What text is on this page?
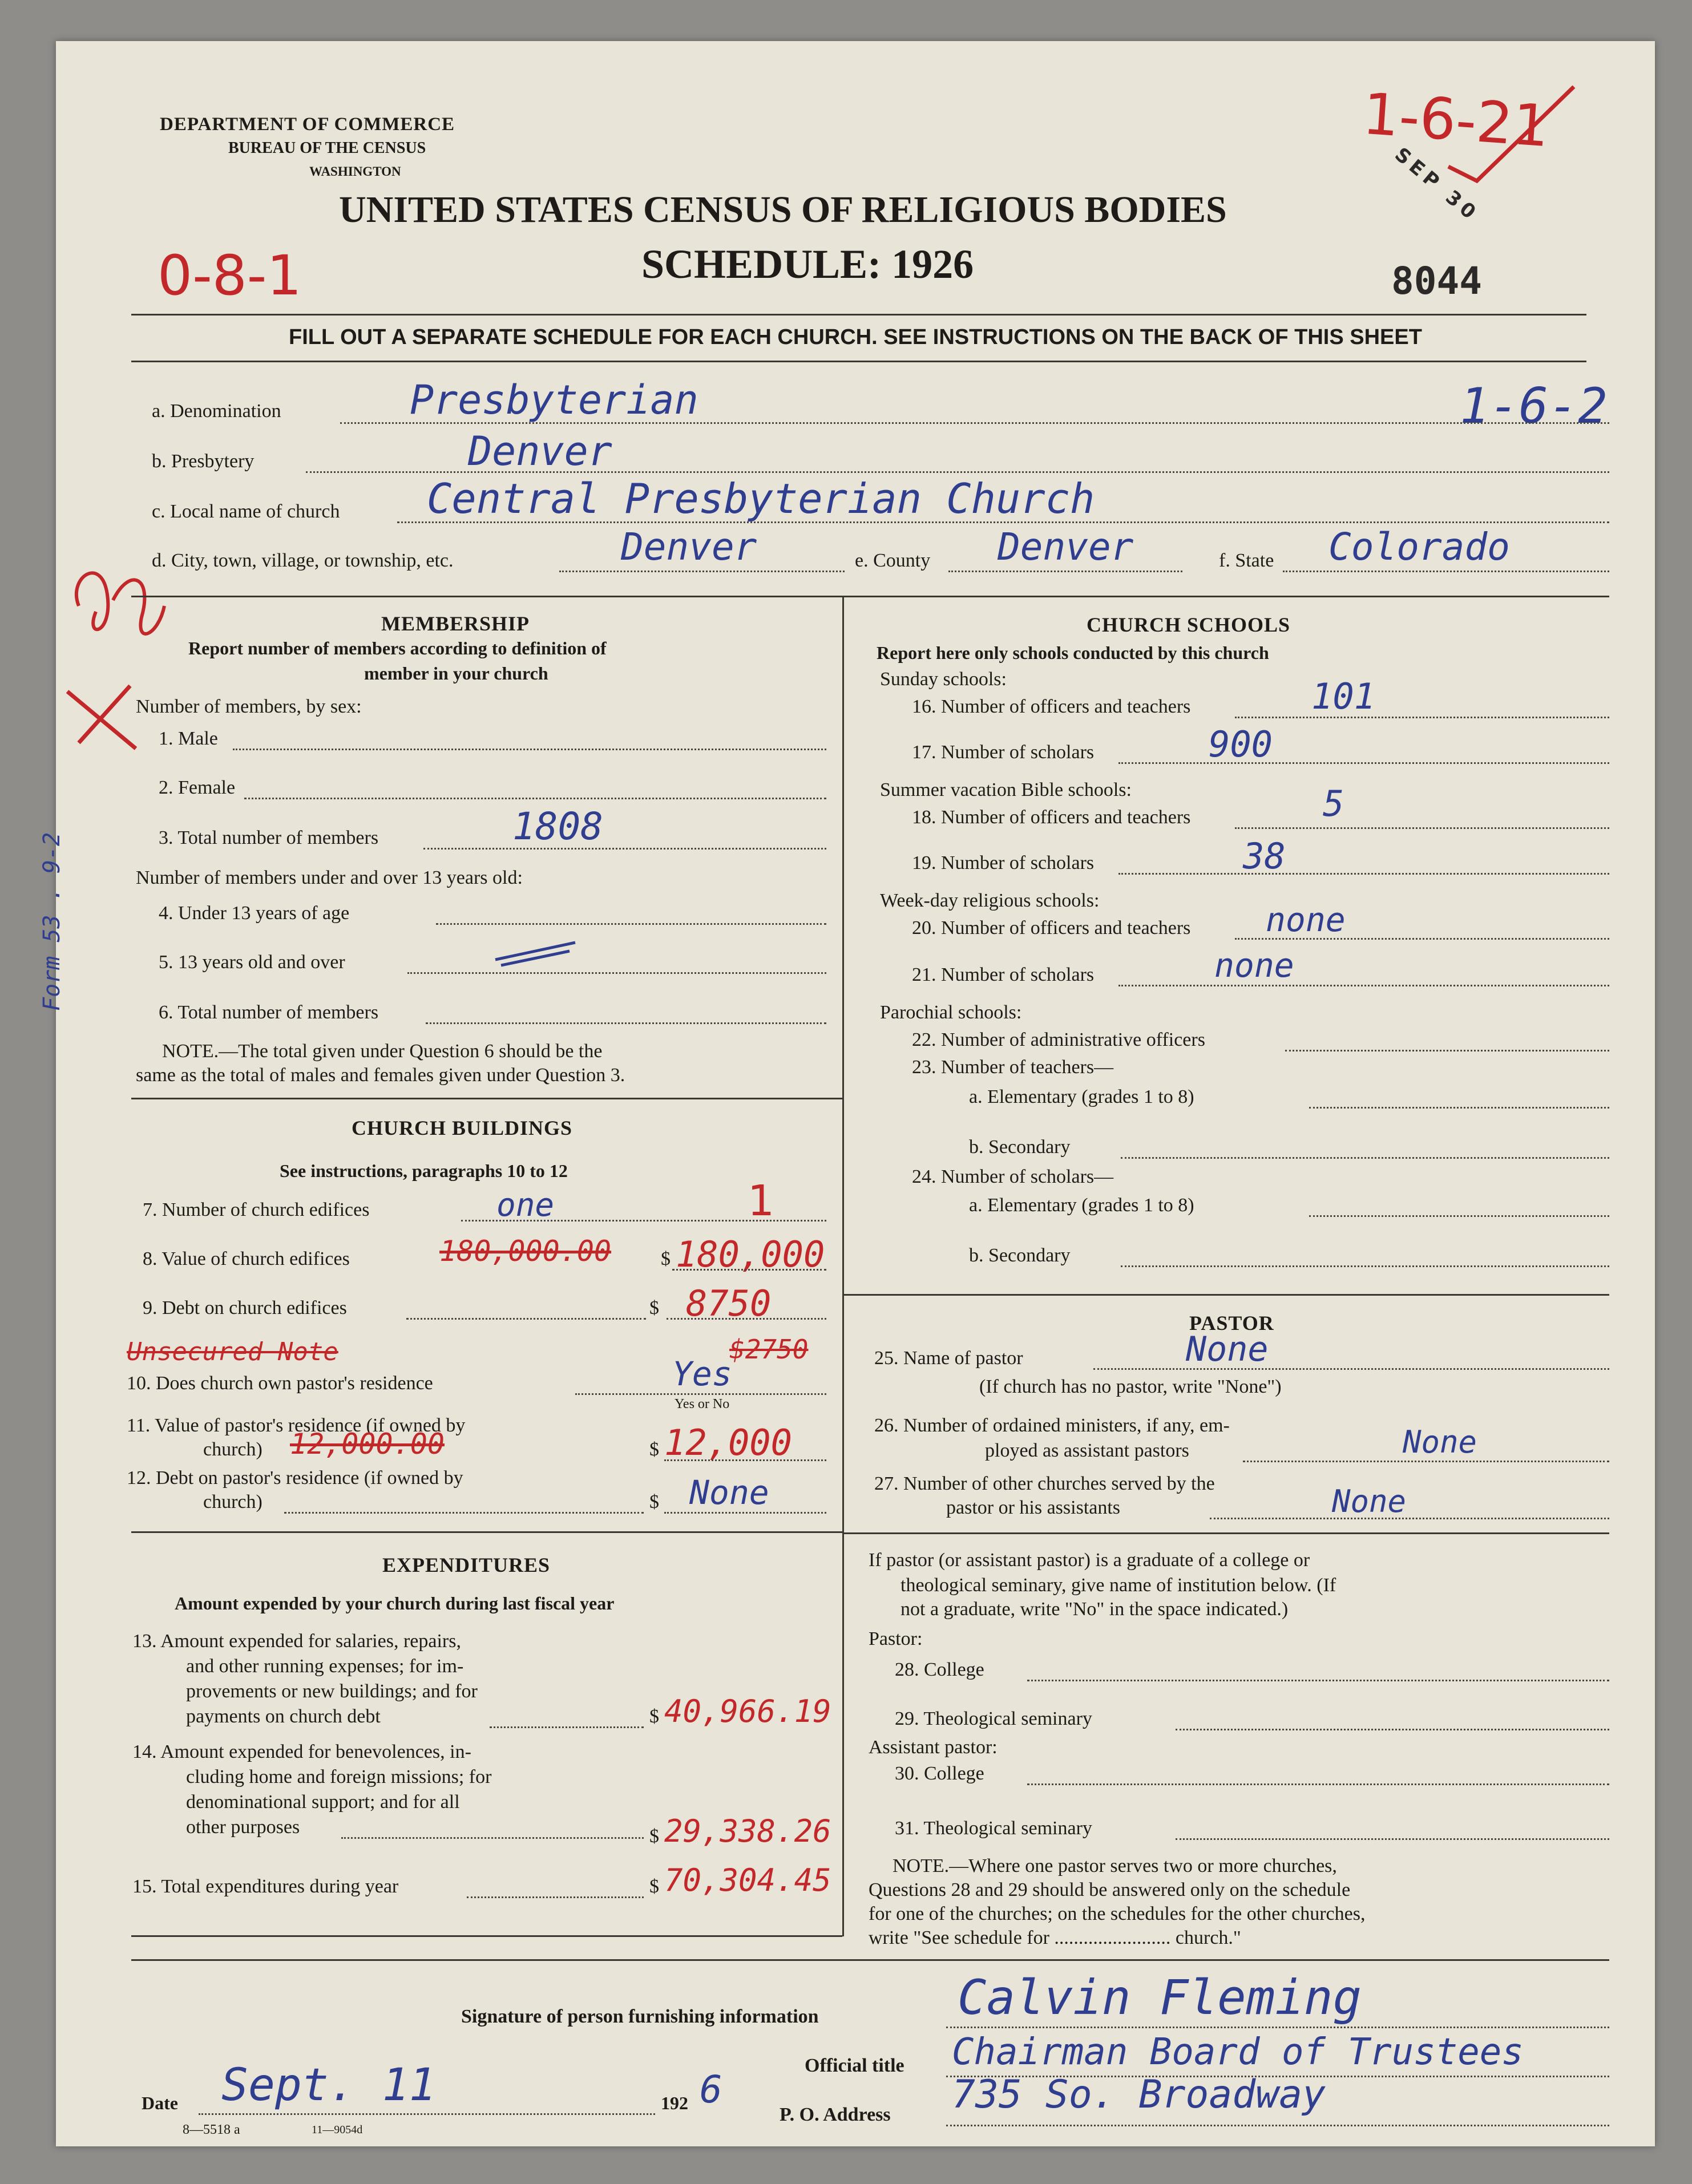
DEPARTMENT OF COMMERCE
BUREAU OF THE CENSUS
WASHINGTON
UNITED STATES CENSUS OF RELIGIOUS BODIES
SCHEDULE: 1926
0-8-1
1-6-21
SEP 30
8044
1-6-2
Form 53 . 9-2
FILL OUT A SEPARATE SCHEDULE FOR EACH CHURCH. SEE INSTRUCTIONS ON THE BACK OF THIS SHEET
a. Denomination	Presbyterian
b. Presbytery	Denver
c. Local name of church Central Presbyterian Church
d. City, town, village, or township, etc.	Denver	e. County Denver	f. State Colorado
MEMBERSHIP
Report number of members according to definition of
member in your church
Number of members, by sex:
1. Male
2. Female
3. Total number of members	1808
Number of members under and over 13 years old:
4. Under 13 years of age
5. 13 years old and over
6. Total number of members
NOTE.—The total given under Question 6 should be the
same as the total of males and females given under Question 3.
CHURCH BUILDINGS
See instructions, paragraphs 10 to 12
7. Number of church edifices	one	1
8. Value of church edifices	180,000.00	$ 180,000
9. Debt on church edifices	$ 8750
Unsecured Note	$2750
10. Does church own pastor's residence	Yes
Yes or No
11. Value of pastor's residence (if owned by
church) 12,000.00	$ 12,000
12. Debt on pastor's residence (if owned by
church)	$ None
EXPENDITURES
Amount expended by your church during last fiscal year
13. Amount expended for salaries, repairs,
and other running expenses; for im-
provements or new buildings; and for
payments on church debt	$ 40,966.19
14. Amount expended for benevolences, in-
cluding home and foreign missions; for
denominational support; and for all
other purposes	$ 29,338.26
15. Total expenditures during year	$ 70,304.45
CHURCH SCHOOLS
Report here only schools conducted by this church
Sunday schools:
16. Number of officers and teachers	101
17. Number of scholars	900
Summer vacation Bible schools:
18. Number of officers and teachers	5
19. Number of scholars	38
Week-day religious schools:
20. Number of officers and teachers none
21. Number of scholars	none
Parochial schools:
22. Number of administrative officers
23. Number of teachers—
a. Elementary (grades 1 to 8)
b. Secondary
24. Number of scholars—
a. Elementary (grades 1 to 8)
b. Secondary
PASTOR
25. Name of pastor	None
(If church has no pastor, write "None")
26. Number of ordained ministers, if any, em-
ployed as assistant pastors	None
27. Number of other churches served by the
pastor or his assistants	None
If pastor (or assistant pastor) is a graduate of a college or
theological seminary, give name of institution below. (If
not a graduate, write "No" in the space indicated.)
Pastor:
28. College
29. Theological seminary
Assistant pastor:
30. College
31. Theological seminary
NOTE.—Where one pastor serves two or more churches,
Questions 28 and 29 should be answered only on the schedule
for one of the churches; on the schedules for the other churches,
write "See schedule for ........................ church."
Signature of person furnishing information	Calvin Fleming
Official title Chairman Board of Trustees
Date Sept. 11	192 6
P. O. Address 735 So. Broadway
8—5518 a	11—9054d
